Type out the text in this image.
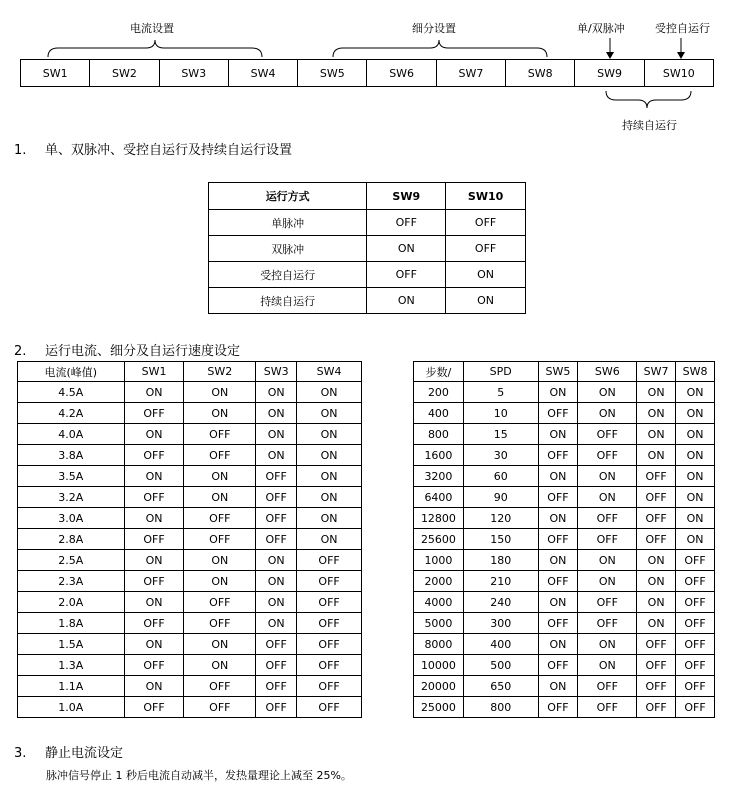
电流设置	细分设置	单/双脉冲	受控自运行
SW1	SW2	SW3	SW4	SW5	SW6	SW7	SW8	SW9	SW10
持续自运行
1. 单、双脉冲、受控自运行及持续自运行设置
运行方式	SW9	SW10
单脉冲	OFF	OFF
双脉冲	ON	OFF
受控自运行	OFF	ON
持续自运行	ON	ON
2. 运行电流、细分及自运行速度设定
电流(峰值)	SW1	SW2	SW3	SW4
4.5A	ON	ON	ON	ON
4.2A	OFF	ON	ON	ON
4.0A	ON	OFF	ON	ON
3.8A	OFF	OFF	ON	ON
3.5A	ON	ON	OFF	ON
3.2A	OFF	ON	OFF	ON
3.0A	ON	OFF	OFF	ON
2.8A	OFF	OFF	OFF	ON
2.5A	ON	ON	ON	OFF
2.3A	OFF	ON	ON	OFF
2.0A	ON	OFF	ON	OFF
1.8A	OFF	OFF	ON	OFF
1.5A	ON	ON	OFF	OFF
1.3A	OFF	ON	OFF	OFF
1.1A	ON	OFF	OFF	OFF
1.0A	OFF	OFF	OFF	OFF
步数/	SPD	SW5	SW6	SW7	SW8
200	5	ON	ON	ON	ON
400	10	OFF	ON	ON	ON
800	15	ON	OFF	ON	ON
1600	30	OFF	OFF	ON	ON
3200	60	ON	ON	OFF	ON
6400	90	OFF	ON	OFF	ON
12800	120	ON	OFF	OFF	ON
25600	150	OFF	OFF	OFF	ON
1000	180	ON	ON	ON	OFF
2000	210	OFF	ON	ON	OFF
4000	240	ON	OFF	ON	OFF
5000	300	OFF	OFF	ON	OFF
8000	400	ON	ON	OFF	OFF
10000	500	OFF	ON	OFF	OFF
20000	650	ON	OFF	OFF	OFF
25000	800	OFF	OFF	OFF	OFF
3. 静止电流设定
脉冲信号停止 1 秒后电流自动减半，发热量理论上减至 25%。
